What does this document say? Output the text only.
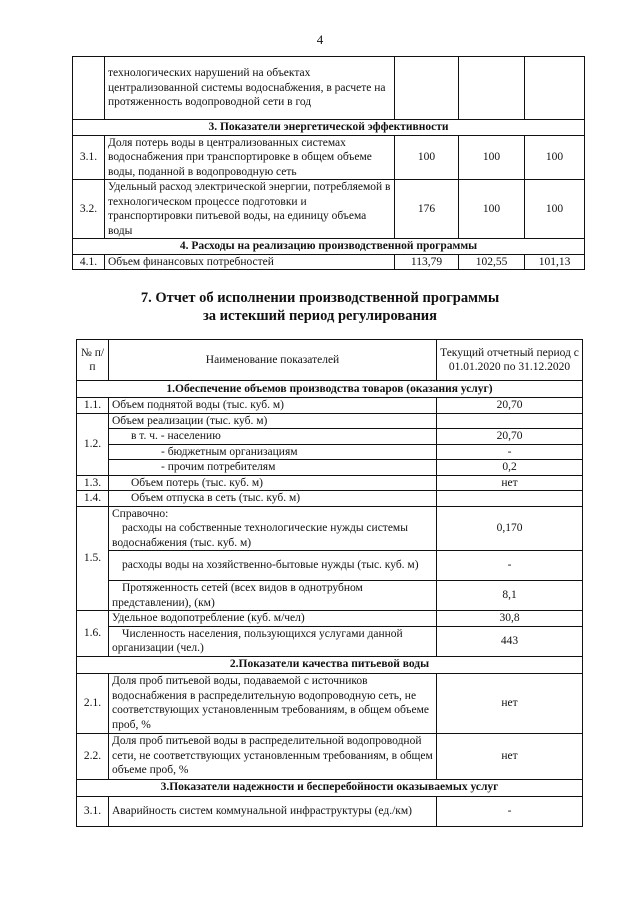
4
	технологических нарушений на объектах централизованной системы водоснабжения, в расчете на протяженность водопроводной сети в год			
3. Показатели энергетической эффективности				
3.1.	Доля потерь воды в централизованных системах водоснабжения при транспортировке в общем объеме воды, поданной в водопроводную сеть	100	100	100
3.2.	Удельный расход электрической энергии, потребляемой в технологическом процессе подготовки и транспортировки питьевой воды, на единицу объема воды	176	100	100
4. Расходы на реализацию производственной программы				
4.1.	Объем финансовых потребностей	113,79	102,55	101,13
7. Отчет об исполнении производственной программы
за истекший период регулирования
№ п/п	Наименование показателей	Текущий отчетный период с 01.01.2020 по 31.12.2020
1.Обеспечение объемов производства товаров (оказания услуг)		
1.1.	Объем поднятой воды (тыс. куб. м)	20,70
1.2.	Объем реализации (тыс. куб. м)	
	в т. ч. - населению	20,70
	- бюджетным организациям	-
	- прочим потребителям	0,2
1.3.	Объем потерь (тыс. куб. м)	нет
1.4.	Объем отпуска в сеть (тыс. куб. м)	
1.5.	Справочно:
расходы на собственные технологические нужды системы водоснабжения (тыс. куб. м)	0,170
	расходы воды на хозяйственно-бытовые нужды (тыс. куб. м)	-
	Протяженность сетей (всех видов в однотрубном представлении), (км)	8,1
1.6.	Удельное водопотребление (куб. м/чел)	30,8
	Численность населения, пользующихся услугами данной организации (чел.)	443
2.Показатели качества питьевой воды		
2.1.	Доля проб питьевой воды, подаваемой с источников водоснабжения в распределительную водопроводную сеть, не соответствующих установленным требованиям, в общем объеме проб, %	нет
2.2.	Доля проб питьевой воды в распределительной водопроводной сети, не соответствующих установленным требованиям, в общем объеме проб, %	нет
3.Показатели надежности и бесперебойности оказываемых услуг		
3.1.	Аварийность систем коммунальной инфраструктуры (ед./км)	-
